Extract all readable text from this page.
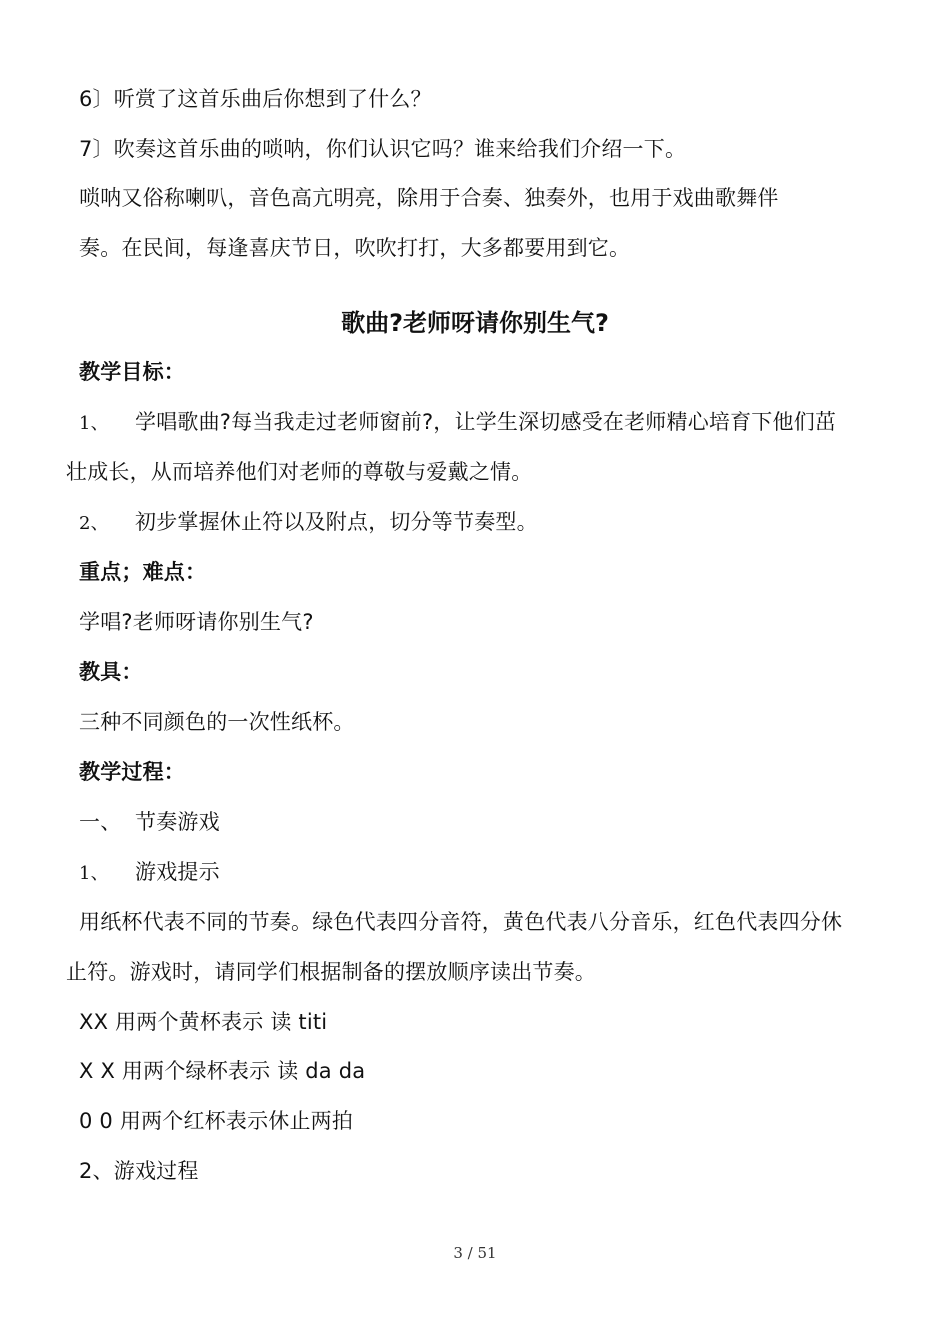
6〕听赏了这首乐曲后你想到了什么？
7〕吹奏这首乐曲的唢呐，你们认识它吗？谁来给我们介绍一下。
唢呐又俗称喇叭，音色高亢明亮，除用于合奏、独奏外，也用于戏曲歌舞伴
奏。在民间，每逢喜庆节日，吹吹打打，大多都要用到它。
歌曲?老师呀请你别生气?
教学目标：
1、 学唱歌曲?每当我走过老师窗前?，让学生深切感受在老师精心培育下他们茁
壮成长，从而培养他们对老师的尊敬与爱戴之情。
2、 初步掌握休止符以及附点，切分等节奏型。
重点；难点：
学唱?老师呀请你别生气?
教具：
三种不同颜色的一次性纸杯。
教学过程：
一、 节奏游戏
1、 游戏提示
用纸杯代表不同的节奏。绿色代表四分音符，黄色代表八分音乐，红色代表四分休
止符。游戏时，请同学们根据制备的摆放顺序读出节奏。
XX 用两个黄杯表示 读 titi
X X 用两个绿杯表示 读 da da
0 0 用两个红杯表示休止两拍
2、游戏过程
3 / 51
